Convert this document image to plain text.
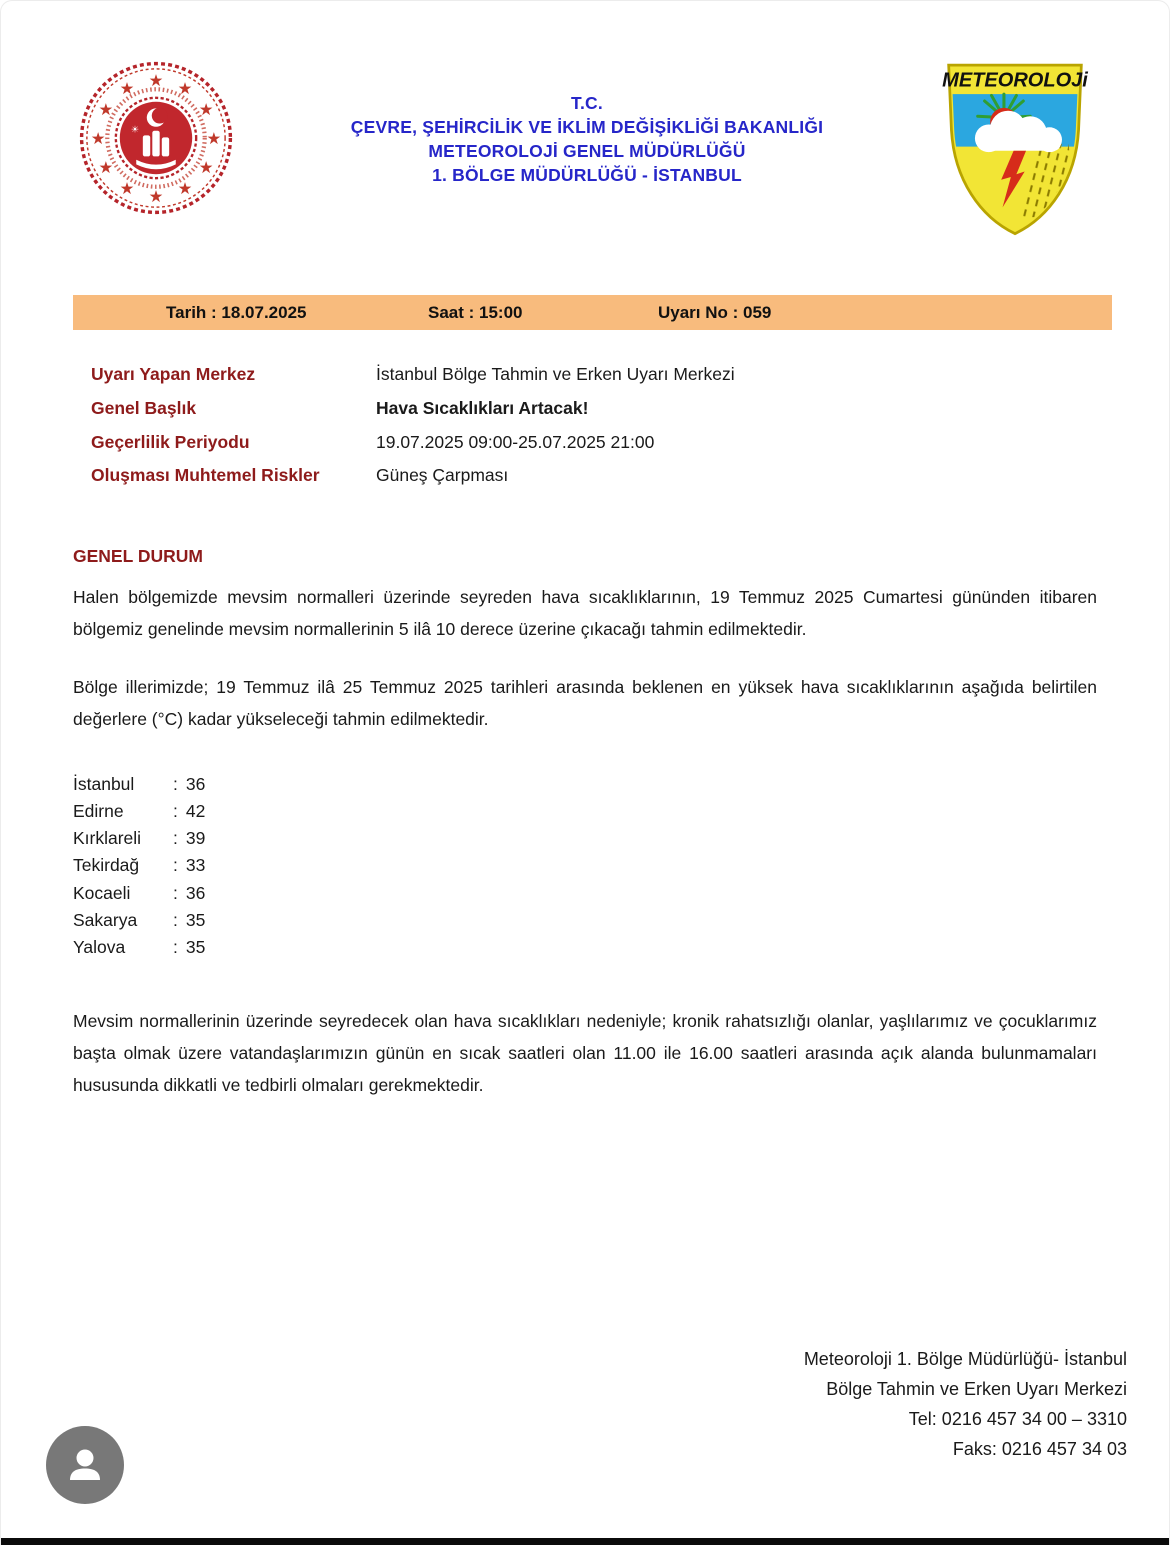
★
★
★
★
★
★
★
★
★ ★ ★
★
☀
T.C.
ÇEVRE, ŞEHİRCİLİK VE İKLİM DEĞİŞİKLİĞİ BAKANLIĞI
METEOROLOJİ GENEL MÜDÜRLÜĞÜ
1. BÖLGE MÜDÜRLÜĞÜ - İSTANBUL
METEOROLOJi
Tarih : 18.07.2025	Saat : 15:00	Uyarı No : 059
Uyarı Yapan Merkez	İstanbul Bölge Tahmin ve Erken Uyarı Merkezi
Genel Başlık	Hava Sıcaklıkları Artacak!
Geçerlilik Periyodu	19.07.2025 09:00-25.07.2025 21:00
Oluşması Muhtemel Riskler	Güneş Çarpması
GENEL DURUM

Halen bölgemizde mevsim normalleri üzerinde seyreden hava sıcaklıklarının, 19 Temmuz 2025 Cumartesi gününden itibaren bölgemiz genelinde mevsim normallerinin 5 ilâ 10 derece üzerine çıkacağı tahmin edilmektedir.

Bölge illerimizde; 19 Temmuz ilâ 25 Temmuz 2025 tarihleri arasında beklenen en yüksek hava sıcaklıklarının aşağıda belirtilen değerlere (°C) kadar yükseleceği tahmin edilmektedir.

İstanbul	: 36
Edirne	: 42
Kırklareli	: 39
Tekirdağ	: 33
Kocaeli	: 36
Sakarya	: 35
Yalova	: 35

Mevsim normallerinin üzerinde seyredecek olan hava sıcaklıkları nedeniyle; kronik rahatsızlığı olanlar, yaşlılarımız ve çocuklarımız başta olmak üzere vatandaşlarımızın günün en sıcak saatleri olan 11.00 ile 16.00 saatleri arasında açık alanda bulunmamaları hususunda dikkatli ve tedbirli olmaları gerekmektedir.

Meteoroloji 1. Bölge Müdürlüğü- İstanbul
Bölge Tahmin ve Erken Uyarı Merkezi
Tel: 0216 457 34 00 – 3310
Faks: 0216 457 34 03
